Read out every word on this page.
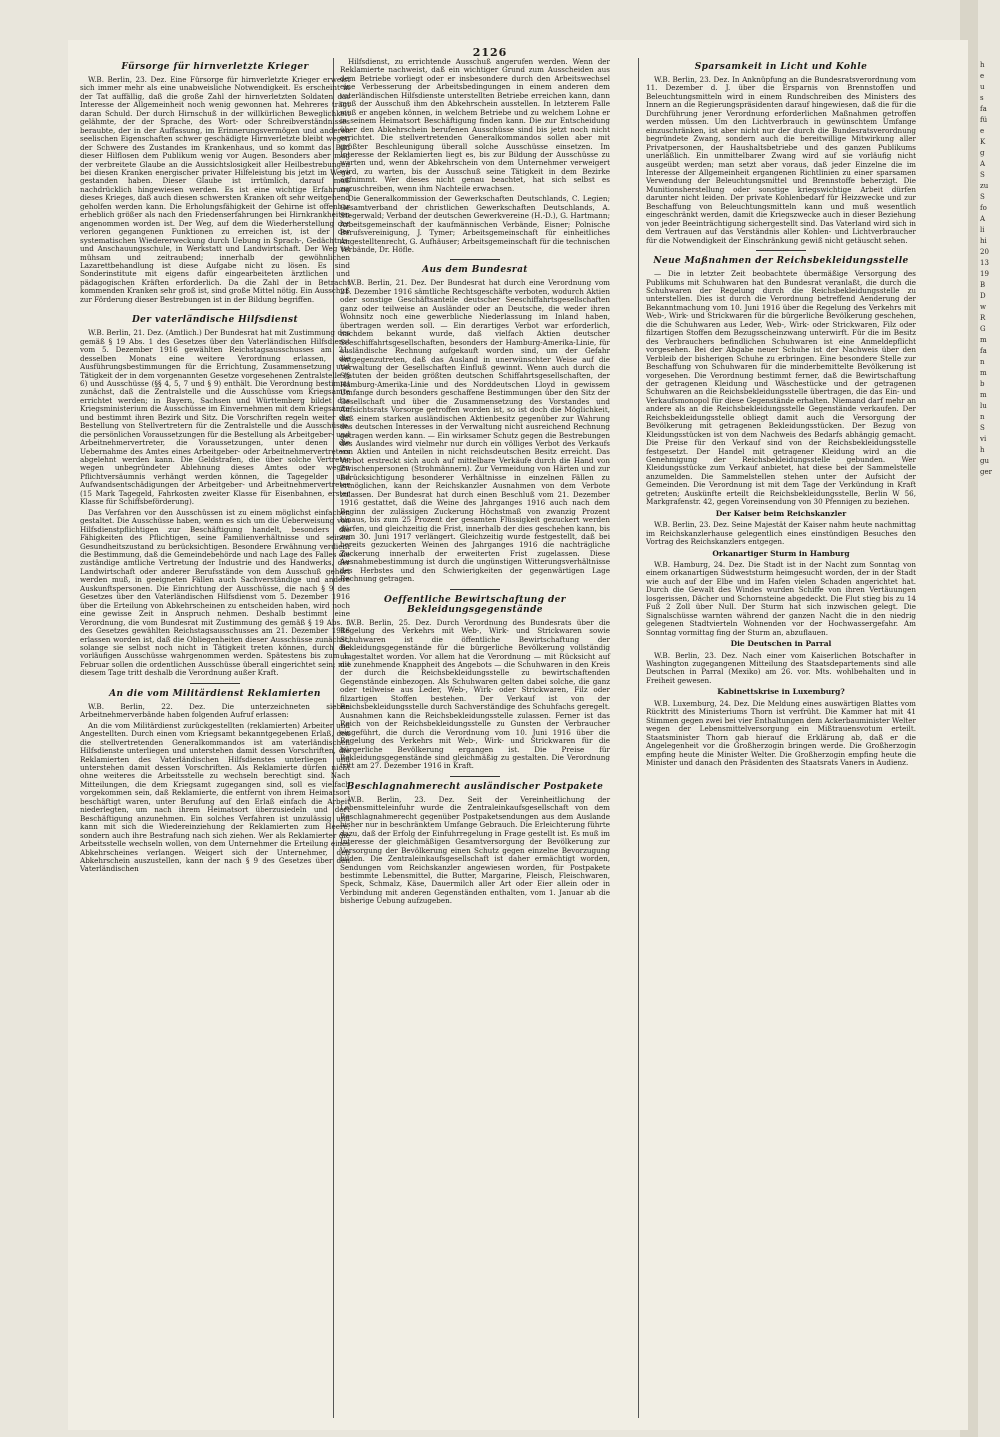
2126
Fürsorge für hirnverletzte Krieger

W.B. Berlin, 23. Dez. Eine Fürsorge für hirnverletzte Krieger erweist sich immer mehr als eine unabweisliche Notwendigkeit. Es erscheint in der Tat auffällig, daß die große Zahl der hirnverletzten Soldaten das Interesse der Allgemeinheit noch wenig gewonnen hat. Mehreres trägt daran Schuld. Der durch Hirnschuß in der willkürlichen Beweglichkeit gelähmte, der der Sprache, des Wort- oder Schreibverständnisses beraubte, der in der Auffassung, im Erinnerungsvermögen und anderen seelischen Eigenschaften schwer geschädigte Hirnverletzte bleibt wegen der Schwere des Zustandes im Krankenhaus, und so kommt das Bild dieser Hilflosen dem Publikum wenig vor Augen. Besonders aber mag der verbreitete Glaube an die Aussichtslosigkeit aller Heilbestrebungen bei diesen Kranken energischer privater Hilfeleistung bis jetzt im Wege gestanden haben. Dieser Glaube ist irrtümlich, darauf muß nachdrücklich hingewiesen werden. Es ist eine wichtige Erfahrung dieses Krieges, daß auch diesen schwersten Kranken oft sehr weitgehend geholfen werden kann. Die Erholungsfähigkeit der Gehirne ist offenbar erheblich größer als nach den Friedenserfahrungen bei Hirnkrankheiten angenommen worden ist. Der Weg, auf dem die Wiederherstellung der verloren gegangenen Funktionen zu erreichen ist, ist der der systematischen Wiedererweckung durch Uebung in Sprach-, Gedächtnis- und Anschauungsschule, in Werkstatt und Landwirtschaft. Der Weg ist mühsam und zeitraubend; innerhalb der gewöhnlichen Lazarettbehandlung ist diese Aufgabe nicht zu lösen. Es sind Sonderinstitute mit eigens dafür eingearbeiteten ärztlichen und pädagogischen Kräften erforderlich. Da die Zahl der in Betracht kommenden Kranken sehr groß ist, sind große Mittel nötig. Ein Ausschuß zur Förderung dieser Bestrebungen ist in der Bildung begriffen.

Der vaterländische Hilfsdienst

W.B. Berlin, 21. Dez. (Amtlich.) Der Bundesrat hat mit Zustimmung des gemäß § 19 Abs. 1 des Gesetzes über den Vaterländischen Hilfsdienst vom 5. Dezember 1916 gewählten Reichstagsausschusses am 21. desselben Monats eine weitere Verordnung erlassen, die Ausführungsbestimmungen für die Errichtung, Zusammensetzung und Tätigkeit der in dem vorgenannten Gesetze vorgesehenen Zentralstelle (§ 6) und Ausschüsse (§§ 4, 5, 7 und § 9) enthält. Die Verordnung bestimmt zunächst, daß die Zentralstelle und die Ausschüsse vom Kriegsamte errichtet werden; in Bayern, Sachsen und Württemberg bildet das Kriegsministerium die Ausschüsse im Einvernehmen mit dem Kriegsamte und bestimmt ihren Bezirk und Sitz. Die Vorschriften regeln weiter die Bestellung von Stellvertretern für die Zentralstelle und die Ausschüsse, die persönlichen Voraussetzungen für die Bestellung als Arbeitgeber- und Arbeitnehmervertreter, die Voraussetzungen, unter denen die Uebernahme des Amtes eines Arbeitgeber- oder Arbeitnehmervertreters abgelehnt werden kann. Die Geldstrafen, die über solche Vertreter wegen unbegründeter Ablehnung dieses Amtes oder wegen Pflichtversäumnis verhängt werden können, die Tagegelder und Aufwandsentschädigungen der Arbeitgeber- und Arbeitnehmervertreter (15 Mark Tagegeld, Fahrkosten zweiter Klasse für Eisenbahnen, erster Klasse für Schiffsbeförderung).

Das Verfahren vor den Ausschüssen ist zu einem möglichst einfachen gestaltet. Die Ausschüsse haben, wenn es sich um die Ueberweisung von Hilfsdienstpflichtigen zur Beschäftigung handelt, besonders die Fähigkeiten des Pflichtigen, seine Familienverhältnisse und seinen Gesundheitszustand zu berücksichtigen. Besondere Erwähnung verdient die Bestimmung, daß die Gemeindebehörde und nach Lage des Falles die zuständige amtliche Vertretung der Industrie und des Handwerks, der Landwirtschaft oder anderer Berufsstände von dem Ausschuß gehört werden muß, in geeigneten Fällen auch Sachverständige und andere Auskunftspersonen. Die Einrichtung der Ausschüsse, die nach § 9 des Gesetzes über den Vaterländischen Hilfsdienst vom 5. Dezember 1916 über die Erteilung von Abkehrscheinen zu entscheiden haben, wird noch eine gewisse Zeit in Anspruch nehmen. Deshalb bestimmt eine Verordnung, die vom Bundesrat mit Zustimmung des gemäß § 19 Abs. 1 des Gesetzes gewählten Reichstagsausschusses am 21. Dezember 1916 erlassen worden ist, daß die Obliegenheiten dieser Ausschüsse zunächst, solange sie selbst noch nicht in Tätigkeit treten können, durch die vorläufigen Ausschüsse wahrgenommen werden. Spätestens bis zum 1. Februar sollen die ordentlichen Ausschüsse überall eingerichtet sein; mit diesem Tage tritt deshalb die Verordnung außer Kraft.

An die vom Militärdienst Reklamierten

W.B. Berlin, 22. Dez. Die unterzeichneten sieben Arbeitnehmerverbände haben folgenden Aufruf erlassen:

An die vom Militärdienst zurückgestellten (reklamierten) Arbeiter und Angestellten. Durch einen vom Kriegsamt bekanntgegebenen Erlaß, den die stellvertretenden Generalkommandos ist am vaterländischen Hilfsdienste unterliegen und unterstehen damit dessen Vorschriften, die Reklamierten des Vaterländischen Hilfsdienstes unterliegen und unterstehen damit dessen Vorschriften. Als Reklamierte dürfen nicht ohne weiteres die Arbeitsstelle zu wechseln berechtigt sind. Nach Mitteilungen, die dem Kriegsamt zugegangen sind, soll es vielfach vorgekommen sein, daß Reklamierte, die entfernt von ihrem Heimatsort beschäftigt waren, unter Berufung auf den Erlaß einfach die Arbeit niederlegten, um nach ihrem Heimatsort überzusiedeln und dort Beschäftigung anzunehmen. Ein solches Verfahren ist unzulässig und kann mit sich die Wiedereinziehung der Reklamierten zum Heere, sondern auch ihre Bestrafung nach sich ziehen. Wer als Reklamierter die Arbeitsstelle wechseln wollen, von dem Unternehmer die Erteilung eines Abkehrscheines verlangen. Weigert sich der Unternehmer, den Abkehrschein auszustellen, kann der nach § 9 des Gesetzes über den Vaterländischen

Hilfsdienst, zu errichtende Ausschuß angerufen werden. Wenn der Reklamierte nachweist, daß ein wichtiger Grund zum Ausscheiden aus dem Betriebe vorliegt oder er insbesondere durch den Arbeitswechsel eine Verbesserung der Arbeitsbedingungen in einem anderen dem vaterländischen Hilfsdienste unterstellten Betriebe erreichen kann, dann muß der Ausschuß ihm den Abkehrschein ausstellen. In letzterem Falle muß er angeben können, in welchem Betriebe und zu welchem Lohne er in seinem Heimatsort Beschäftigung finden kann. Die zur Entscheidung über den Abkehrschein berufenen Ausschüsse sind bis jetzt noch nicht errichtet. Die stellvertretenden Generalkommandos sollen aber mit größter Beschleunigung überall solche Ausschüsse einsetzen. Im Interesse der Reklamierten liegt es, bis zur Bildung der Ausschüsse zu warten und, wenn der Abkehrschein von dem Unternehmer verweigert wird, zu warten, bis der Ausschuß seine Tätigkeit in dem Bezirke aufnimmt. Wer dieses nicht genau beachtet, hat sich selbst es zuzuschreiben, wenn ihm Nachteile erwachsen.

Die Generalkommission der Gewerkschaften Deutschlands, C. Legien; Gesamtverband der christlichen Gewerkschaften Deutschlands, A. Stegerwald; Verband der deutschen Gewerkvereine (H.-D.), G. Hartmann; Arbeitsgemeinschaft der kaufmännischen Verbände, Eisner; Polnische Berufsvereinigung, J. Tymer; Arbeitsgemeinschaft für einheitliches Angestelltenrecht, G. Aufhäuser; Arbeitsgemeinschaft für die technischen Verbände, Dr. Höfle.

Aus dem Bundesrat

W.B. Berlin, 21. Dez. Der Bundesrat hat durch eine Verordnung vom 21. Dezember 1916 sämtliche Rechtsgeschäfte verboten, wodurch Aktien oder sonstige Geschäftsanteile deutscher Seeschiffahrtsgesellschaften ganz oder teilweise an Ausländer oder an Deutsche, die weder ihren Wohnsitz noch eine gewerbliche Niederlassung im Inland haben, übertragen werden soll. — Ein derartiges Verbot war erforderlich, nachdem bekannt wurde, daß vielfach Aktien deutscher Seeschiffahrtsgesellschaften, besonders der Hamburg-Amerika-Linie, für ausländische Rechnung aufgekauft worden sind, um der Gefahr entgegenzutreten, daß das Ausland in unerwünschter Weise auf die Verwaltung der Gesellschaften Einfluß gewinnt. Wenn auch durch die Statuten der beiden größten deutschen Schiffahrtsgesellschaften, der Hamburg-Amerika-Linie und des Norddeutschen Lloyd in gewissem Umfange durch besonders geschaffene Bestimmungen über den Sitz der Gesellschaft und über die Zusammensetzung des Vorstandes und Aufsichtsrats Vorsorge getroffen worden ist, so ist doch die Möglichkeit, daß einem starken ausländischen Aktienbesitz gegenüber zur Wahrung des deutschen Interesses in der Verwaltung nicht ausreichend Rechnung getragen werden kann. — Ein wirksamer Schutz gegen die Bestrebungen des Auslandes wird vielmehr nur durch ein völliges Verbot des Verkaufs von Aktien und Anteilen in nicht reichsdeutschen Besitz erreicht. Das Verbot erstreckt sich auch auf mittelbare Verkäufe durch die Hand von Zwischenpersonen (Strohmännern). Zur Vermeidung von Härten und zur Berücksichtigung besonderer Verhältnisse in einzelnen Fällen zu ermöglichen, kann der Reichskanzler Ausnahmen von dem Verbote zulassen. Der Bundesrat hat durch einen Beschluß vom 21. Dezember 1916 gestattet, daß die Weine des Jahrganges 1916 auch nach dem Beginn der zulässigen Zuckerung Höchstmaß von zwanzig Prozent hinaus, bis zum 25 Prozent der gesamten Flüssigkeit gezuckert werden dürfen, und gleichzeitig die Frist, innerhalb der dies geschehen kann, bis zum 30. Juni 1917 verlängert. Gleichzeitig wurde festgestellt, daß bei bereits gezuckerten Weinen des Jahrganges 1916 die nachträgliche Zuckerung innerhalb der erweiterten Frist zugelassen. Diese Ausnahmebestimmung ist durch die ungünstigen Witterungsverhältnisse des Herbstes und den Schwierigkeiten der gegenwärtigen Lage Rechnung getragen.

Oeffentliche Bewirtschaftung der Bekleidungsgegenstände

W.B. Berlin, 25. Dez. Durch Verordnung des Bundesrats über die Regelung des Verkehrs mit Web-, Wirk- und Strickwaren sowie Schuhwaren ist die öffentliche Bewirtschaftung der Bekleidungsgegenstände für die bürgerliche Bevölkerung vollständig umgestaltet worden. Vor allem hat die Verordnung — mit Rücksicht auf die zunehmende Knappheit des Angebots — die Schuhwaren in den Kreis der durch die Reichsbekleidungsstelle zu bewirtschaftenden Gegenstände einbezogen. Als Schuhwaren gelten dabei solche, die ganz oder teilweise aus Leder, Web-, Wirk- oder Strickwaren, Filz oder filzartigen Stoffen bestehen. Der Verkauf ist von der Reichsbekleidungsstelle durch Sachverständige des Schuhfachs geregelt. Ausnahmen kann die Reichsbekleidungsstelle zulassen. Ferner ist das Reich von der Reichsbekleidungsstelle zu Gunsten der Verbraucher eingeführt, die durch die Verordnung vom 10. Juni 1916 über die Regelung des Verkehrs mit Web-, Wirk- und Strickwaren für die bürgerliche Bevölkerung ergangen ist. Die Preise für Bekleidungsgegenstände sind gleichmäßig zu gestalten. Die Verordnung tritt am 27. Dezember 1916 in Kraft.

Beschlagnahmerecht ausländischer Postpakete

W.B. Berlin, 23. Dez. Seit der Vereinheitlichung der Lebensmitteleinfuhr wurde die Zentraleinkaufsgesellschaft von dem Beschlagnahmerecht gegenüber Postpaketsendungen aus dem Auslande bisher nur in beschränktem Umfange Gebrauch. Die Erleichterung führte dazu, daß der Erfolg der Einfuhrregelung in Frage gestellt ist. Es muß im Interesse der gleichmäßigen Gesamtversorgung der Bevölkerung zur Versorgung der Bevölkerung einen Schutz gegen einzelne Bevorzugung bilden. Die Zentraleinkaufsgesellschaft ist daher ermächtigt worden, Sendungen vom Reichskanzler angewiesen worden, für Postpakete bestimmte Lebensmittel, die Butter, Margarine, Fleisch, Fleischwaren, Speck, Schmalz, Käse, Dauermilch aller Art oder Eier allein oder in Verbindung mit anderen Gegenständen enthalten, vom 1. Januar ab die bisherige Uebung aufzugeben.

Sparsamkeit in Licht und Kohle

W.B. Berlin, 23. Dez. In Anknüpfung an die Bundesratsverordnung vom 11. Dezember d. J. über die Ersparnis von Brennstoffen und Beleuchtungsmitteln wird in einem Rundschreiben des Ministers des Innern an die Regierungspräsidenten darauf hingewiesen, daß die für die Durchführung jener Verordnung erforderlichen Maßnahmen getroffen werden müssen. Um den Lichtverbrauch in gewünschtem Umfange einzuschränken, ist aber nicht nur der durch die Bundesratsverordnung begründete Zwang, sondern auch die bereitwillige Mitwirkung aller Privatpersonen, der Haushaltsbetriebe und des ganzen Publikums unerläßlich. Ein unmittelbarer Zwang wird auf sie vorläufig nicht ausgeübt werden; man setzt aber voraus, daß jeder Einzelne die im Interesse der Allgemeinheit ergangenen Richtlinien zu einer sparsamen Verwendung der Beleuchtungsmittel und Brennstoffe beherzigt. Die Munitionsherstellung oder sonstige kriegswichtige Arbeit dürfen darunter nicht leiden. Der private Kohlenbedarf für Heizzwecke und zur Beschaffung von Beleuchtungsmitteln kann und muß wesentlich eingeschränkt werden, damit die Kriegszwecke auch in dieser Beziehung von jeder Beeinträchtigung sichergestellt sind. Das Vaterland wird sich in dem Vertrauen auf das Verständnis aller Kohlen- und Lichtverbraucher für die Notwendigkeit der Einschränkung gewiß nicht getäuscht sehen.

Neue Maßnahmen der Reichsbekleidungsstelle

— Die in letzter Zeit beobachtete übermäßige Versorgung des Publikums mit Schuhwaren hat den Bundesrat veranlaßt, die durch die Schuhwaren der Regelung durch die Reichsbekleidungsstelle zu unterstellen. Dies ist durch die Verordnung betreffend Aenderung der Bekanntmachung vom 10. Juni 1916 über die Regelung des Verkehrs mit Web-, Wirk- und Strickwaren für die bürgerliche Bevölkerung geschehen, die die Schuhwaren aus Leder, Web-, Wirk- oder Strickwaren, Filz oder filzartigen Stoffen dem Bezugsscheinzwang unterwirft. Für die im Besitz des Verbrauchers befindlichen Schuhwaren ist eine Anmeldepflicht vorgesehen. Bei der Abgabe neuer Schuhe ist der Nachweis über den Verbleib der bisherigen Schuhe zu erbringen. Eine besondere Stelle zur Beschaffung von Schuhwaren für die minderbemittelte Bevölkerung ist vorgesehen. Die Verordnung bestimmt ferner, daß die Bewirtschaftung der getragenen Kleidung und Wäschestücke und der getragenen Schuhwaren an die Reichsbekleidungsstelle übertragen, die das Ein- und Verkaufsmonopol für diese Gegenstände erhalten. Niemand darf mehr an andere als an die Reichsbekleidungsstelle Gegenstände verkaufen. Der Reichsbekleidungsstelle obliegt damit auch die Versorgung der Bevölkerung mit getragenen Bekleidungsstücken. Der Bezug von Kleidungsstücken ist von dem Nachweis des Bedarfs abhängig gemacht. Die Preise für den Verkauf sind von der Reichsbekleidungsstelle festgesetzt. Der Handel mit getragener Kleidung wird an die Genehmigung der Reichsbekleidungsstelle gebunden. Wer Kleidungsstücke zum Verkauf anbietet, hat diese bei der Sammelstelle anzumelden. Die Sammelstellen stehen unter der Aufsicht der Gemeinden. Die Verordnung ist mit dem Tage der Verkündung in Kraft getreten; Auskünfte erteilt die Reichsbekleidungsstelle, Berlin W 56, Markgrafenstr. 42, gegen Voreinsendung von 30 Pfennigen zu beziehen.

Der Kaiser beim Reichskanzler

W.B. Berlin, 23. Dez. Seine Majestät der Kaiser nahm heute nachmittag im Reichskanzlerhause gelegentlich eines einstündigen Besuches den Vortrag des Reichskanzlers entgegen.

Orkanartiger Sturm in Hamburg

W.B. Hamburg, 24. Dez. Die Stadt ist in der Nacht zum Sonntag von einem orkanartigen Südweststurm heimgesucht worden, der in der Stadt wie auch auf der Elbe und im Hafen vielen Schaden angerichtet hat. Durch die Gewalt des Windes wurden Schiffe von ihren Vertäuungen losgerissen, Dächer und Schornsteine abgedeckt. Die Flut stieg bis zu 14 Fuß 2 Zoll über Null. Der Sturm hat sich inzwischen gelegt. Die Signalschüsse warnten während der ganzen Nacht die in den niedrig gelegenen Stadtvierteln Wohnenden vor der Hochwassergefahr. Am Sonntag vormittag fing der Sturm an, abzuflauen.

Die Deutschen in Parral

W.B. Berlin, 23. Dez. Nach einer vom Kaiserlichen Botschafter in Washington zugegangenen Mitteilung des Staatsdepartements sind alle Deutschen in Parral (Mexiko) am 26. vor. Mts. wohlbehalten und in Freiheit gewesen.

Kabinettskrise in Luxemburg?

W.B. Luxemburg, 24. Dez. Die Meldung eines auswärtigen Blattes vom Rücktritt des Ministeriums Thorn ist verfrüht. Die Kammer hat mit 41 Stimmen gegen zwei bei vier Enthaltungen dem Ackerbauminister Welter wegen der Lebensmittelversorgung ein Mißtrauensvotum erteilt. Staatsminister Thorn gab hierauf die Erklärung ab, daß er die Angelegenheit vor die Großherzogin bringen werde. Die Großherzogin empfing heute die Minister Welter. Die Großherzogin empfing heute die Minister und danach den Präsidenten des Staatsrats Vaners in Audienz.

h
e
u
s
fa
fü
e
K
g
A
S
zu
S
fo
A
li
hi
20
13
19
B
D
w
R
G
m
fa
n
m
b
m
lu
n
S
vi
h
gu
ger
